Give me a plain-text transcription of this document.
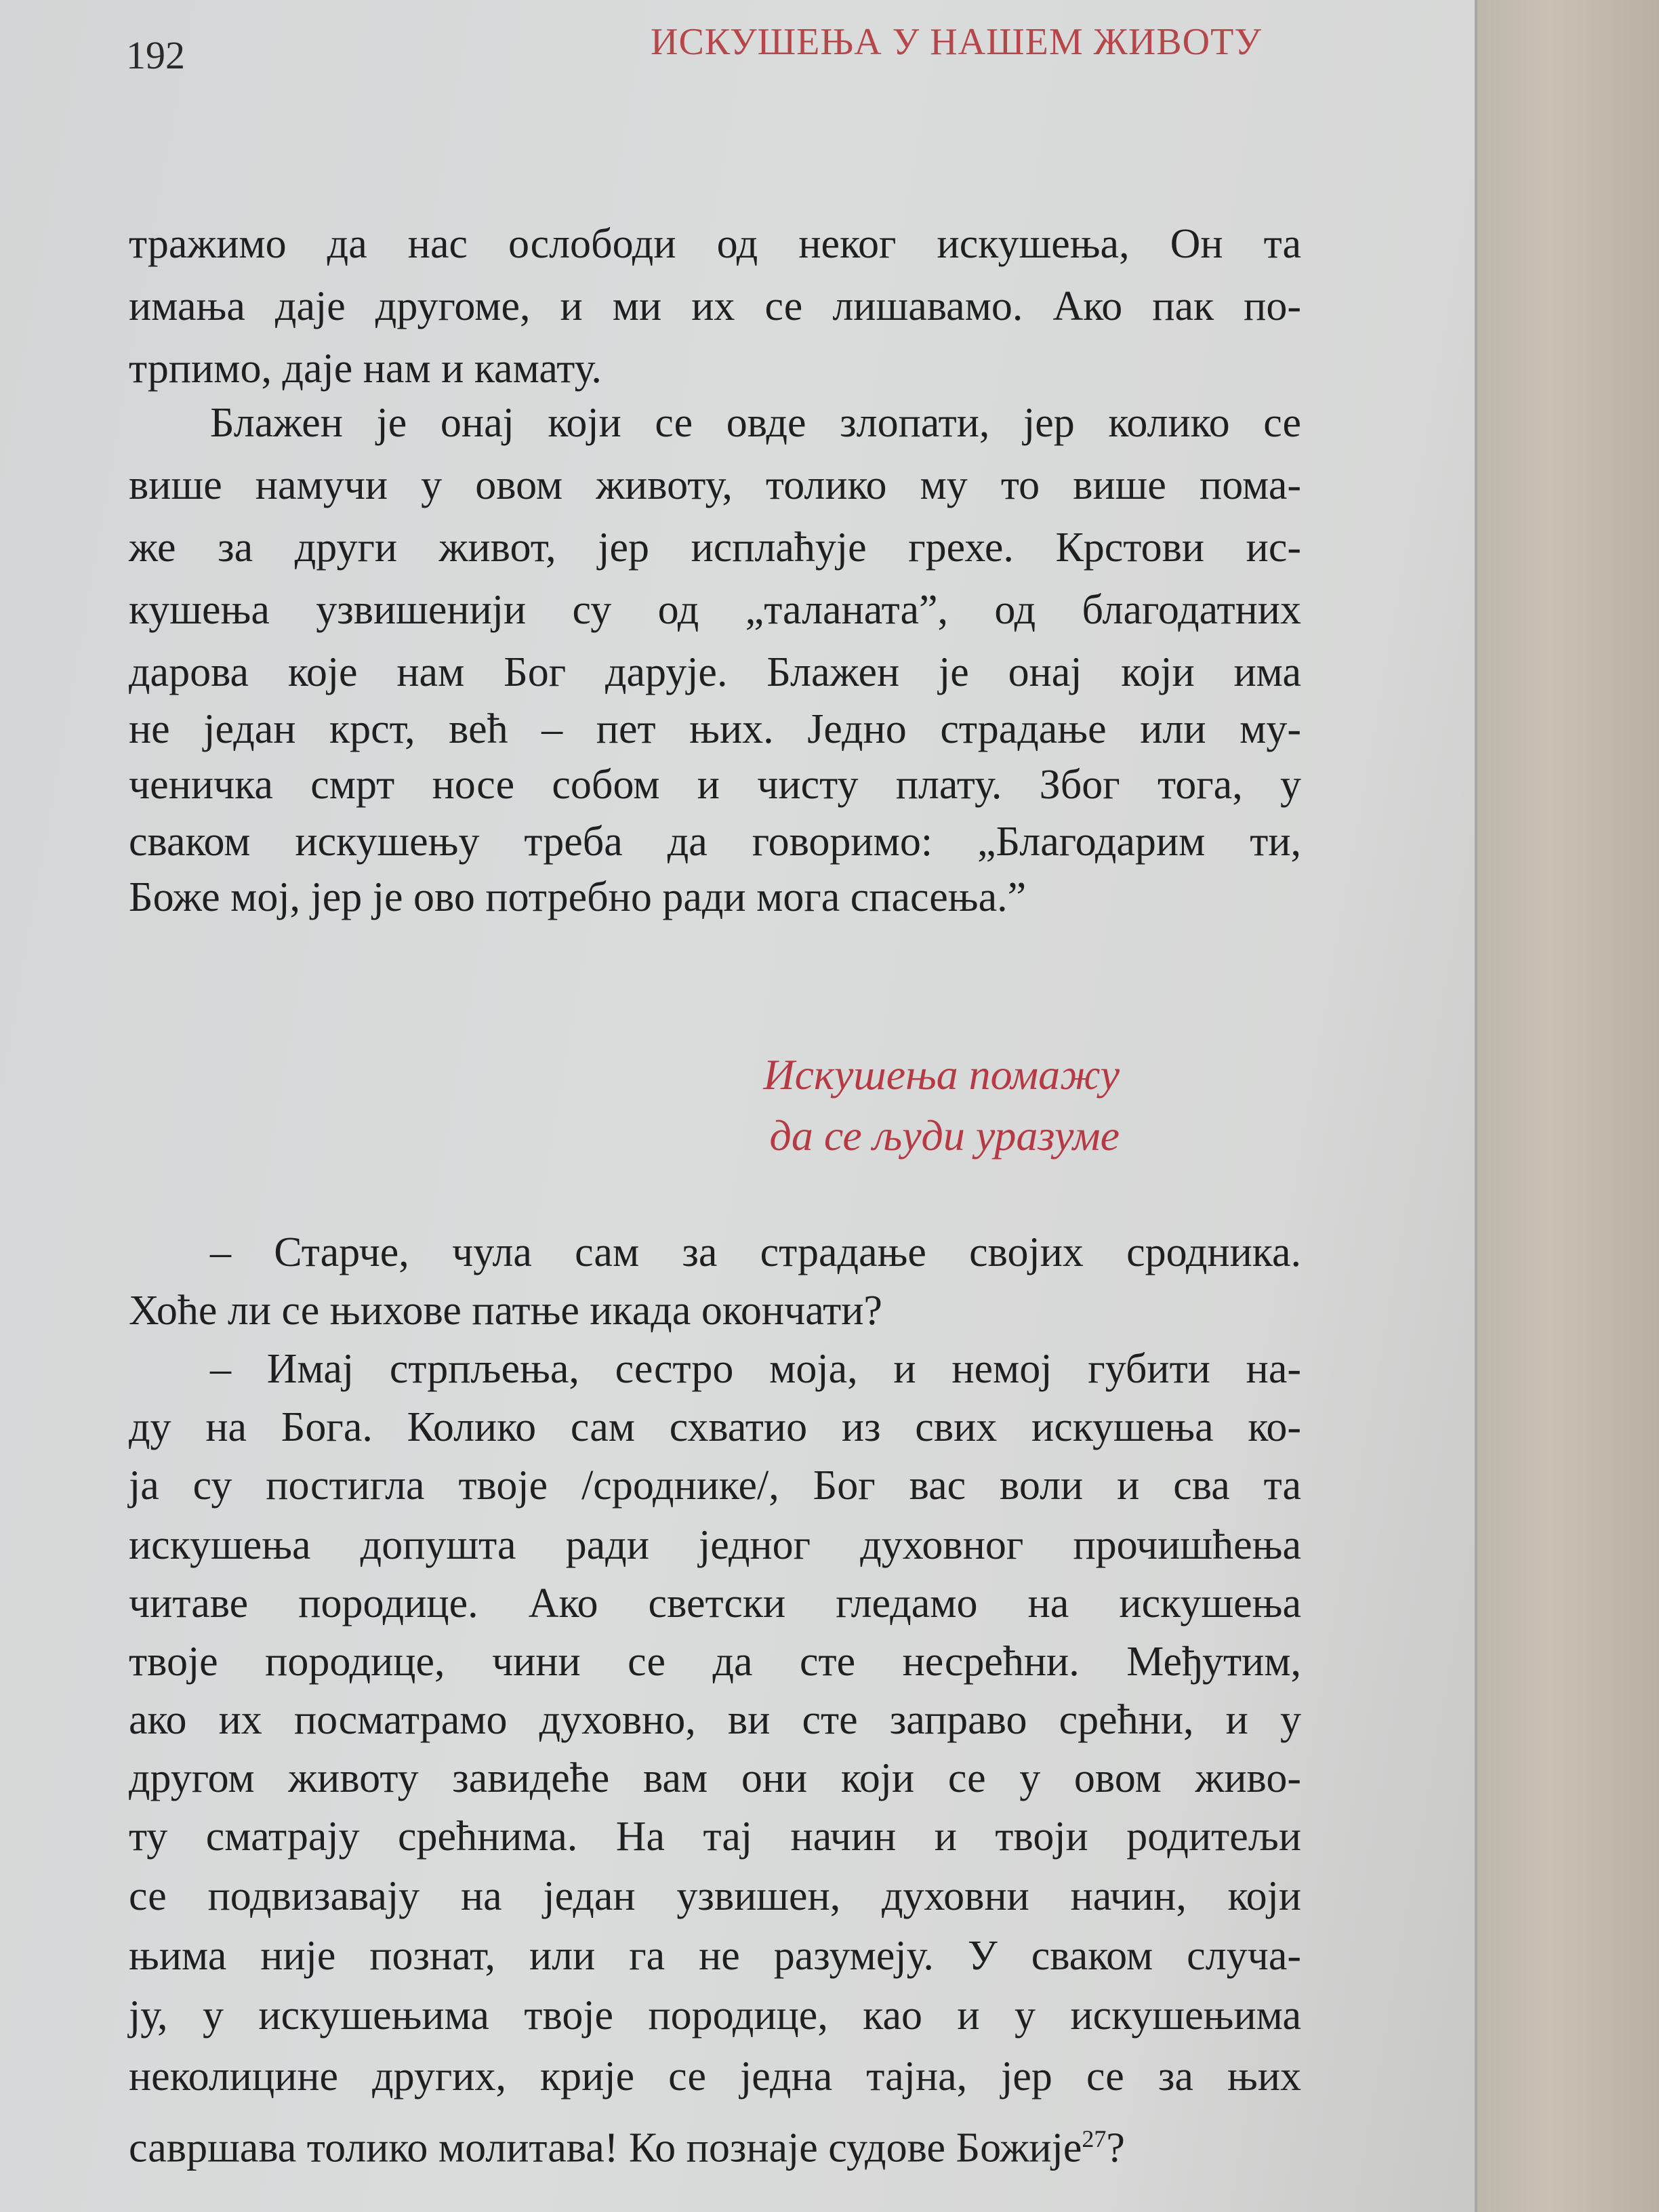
192	ИСКУШЕЊА У НАШЕМ ЖИВОТУ
тражимо да нас ослободи од неког искушења, Он та
имања даје другоме, и ми их се лишавамо. Ако пак по-
трпимо, даје нам и камату.
Блажен је онај који се овде злопати, јер колико се
више намучи у овом животу, толико му то више пома-
же за други живот, јер исплаћује грехе. Крстови ис-
кушења узвишенији су од „таланата”, од благодатних
дарова које нам Бог дарује. Блажен је онај који има
не један крст, већ – пет њих. Једно страдање или му-
ченичка смрт носе собом и чисту плату. Због тога, у
сваком искушењу треба да говоримо: „Благодарим ти,
Боже мој, јер је ово потребно ради мога спасења.”
Искушења помажу
да се људи уразуме
– Старче, чула сам за страдање својих сродника.
Хоће ли се њихове патње икада окончати?
– Имај стрпљења, сестро моја, и немој губити на-
ду на Бога. Колико сам схватио из свих искушења ко-
ја су постигла твоје /сроднике/, Бог вас воли и сва та
искушења допушта ради једног духовног прочишћења
читаве породице. Ако светски гледамо на искушења
твоје породице, чини се да сте несрећни. Међутим,
ако их посматрамо духовно, ви сте заправо срећни, и у
другом животу завидеће вам они који се у овом живо-
ту сматрају срећнима. На тај начин и твоји родитељи
се подвизавају на један узвишен, духовни начин, који
њима није познат, или га не разумеју. У сваком случа-
ју, у искушењима твоје породице, као и у искушењима
неколицине других, крије се једна тајна, јер се за њих
савршава толико молитава! Ко познаје судове Божије$^{27}$?
